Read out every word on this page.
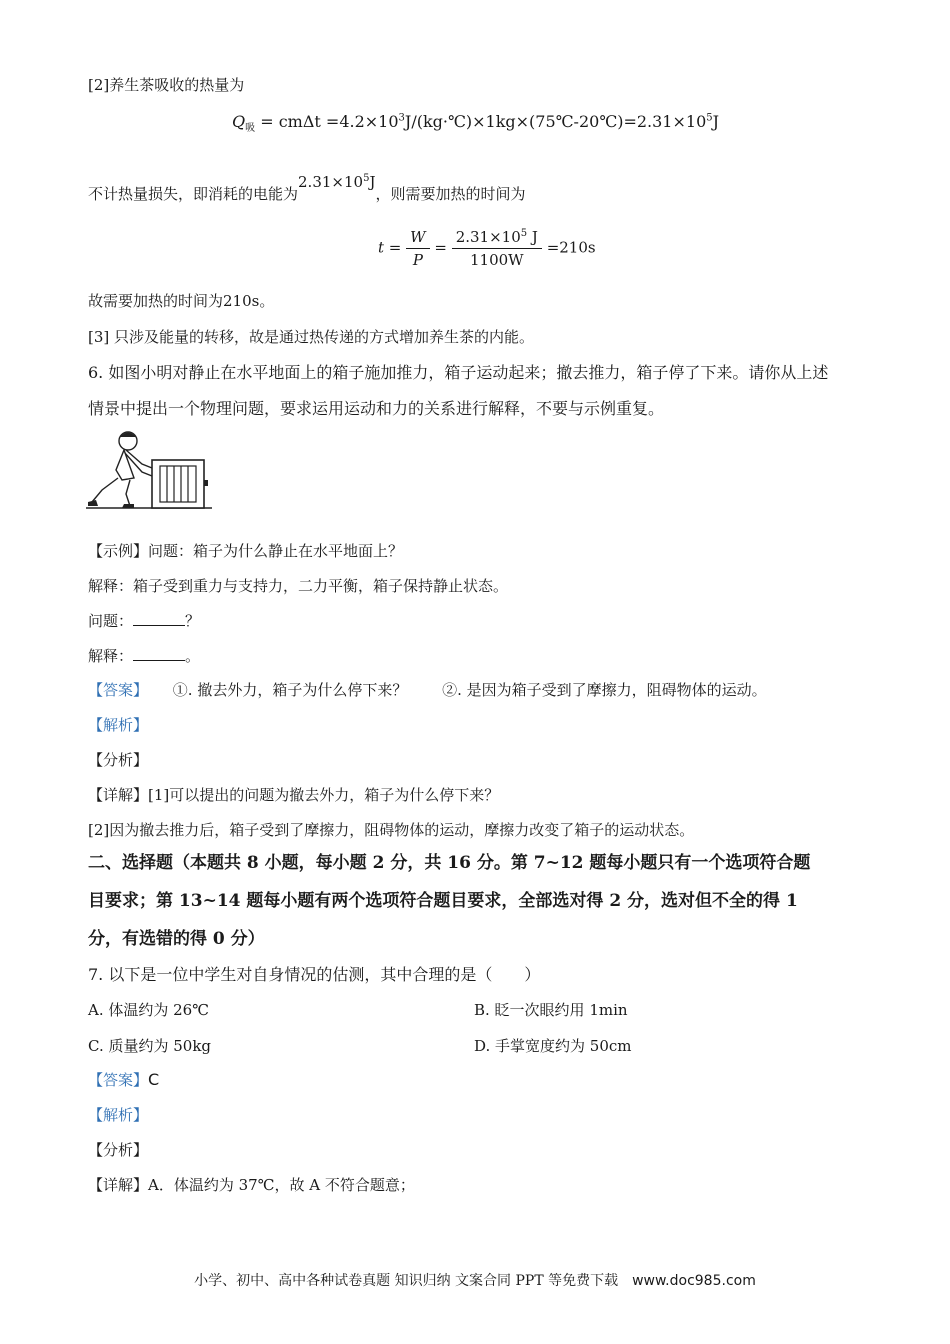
[2]养生茶吸收的热量为
$Q_吸 = cm\Delta t$ $=4.2\times 10^3J/(kg\cdot℃)\times 1kg\times(75℃-20℃)=2.31\times 10^5J$
不计热量损失，即消耗的电能为$2.31\times 10^5J$，则需要加热的时间为
$t = \frac{W}{P} = \frac{2.31\times 10^5 J}{1100W} =210s$
故需要加热的时间为210s。
[3] 只涉及能量的转移，故是通过热传递的方式增加养生茶的内能。
6. 如图小明对静止在水平地面上的箱子施加推力，箱子运动起来；撤去推力，箱子停了下来。请你从上述
情景中提出一个物理问题，要求运用运动和力的关系进行解释，不要与示例重复。
【示例】问题：箱子为什么静止在水平地面上？
解释：箱子受到重力与支持力，二力平衡，箱子保持静止状态。
问题：	？
解释：	。
【答案】 ①. 撤去外力，箱子为什么停下来？ ②. 是因为箱子受到了摩擦力，阻碍物体的运动。
【解析】
【分析】
【详解】[1]可以提出的问题为撤去外力，箱子为什么停下来？
[2]因为撤去推力后，箱子受到了摩擦力，阻碍物体的运动，摩擦力改变了箱子的运动状态。
二、选择题（本题共 8 小题，每小题 2 分，共 16 分。第 7~12 题每小题只有一个选项符合题
目要求；第 13~14 题每小题有两个选项符合题目要求，全部选对得 2 分，选对但不全的得 1
分，有选错的得 0 分）
7. 以下是一位中学生对自身情况的估测，其中合理的是（　　）
A. 体温约为 26℃	B. 眨一次眼约用 1min
C. 质量约为 50kg	D. 手掌宽度约为 50cm
【答案】C
【解析】
【分析】
【详解】A．体温约为 37℃，故 A 不符合题意；
小学、初中、高中各种试卷真题 知识归纳 文案合同 PPT 等免费下载 www.doc985.com
